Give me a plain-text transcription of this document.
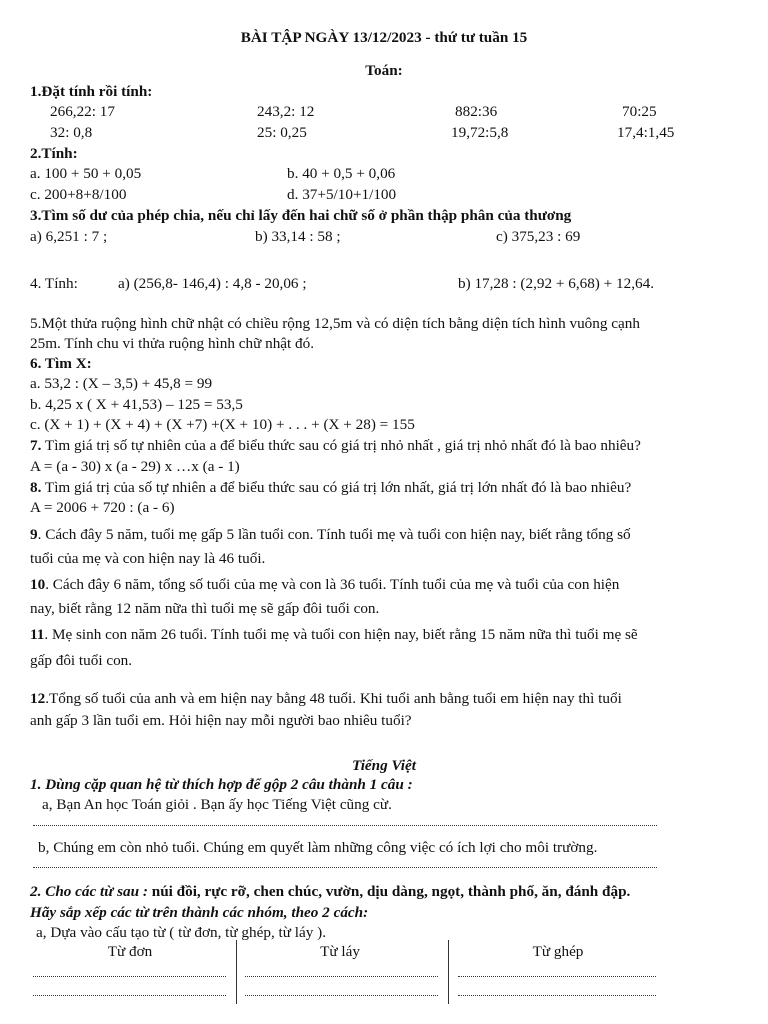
BÀI TẬP NGÀY 13/12/2023 - thứ tư tuần 15
Toán:
1.Đặt tính rồi tính:
266,22: 17	243,2: 12	882:36	70:25
32: 0,8	25: 0,25	19,72:5,8	17,4:1,45
2.Tính:
a. 100 + 50 + 0,05	b. 40 + 0,5 + 0,06
c. 200+8+8/100	d. 37+5/10+1/100
3.Tìm số dư của phép chia, nếu chỉ lấy đến hai chữ số ở phần thập phân của thương
a) 6,251 : 7 ;	b) 33,14 : 58 ;	c) 375,23 : 69
4. Tính:	a) (256,8- 146,4) : 4,8 - 20,06 ;	b) 17,28 : (2,92 + 6,68) + 12,64.
5.Một thửa ruộng hình chữ nhật có chiều rộng 12,5m và có diện tích bằng diện tích hình vuông cạnh
25m. Tính chu vi thửa ruộng hình chữ nhật đó.
6. Tìm X:
a. 53,2 : (X – 3,5) + 45,8 = 99
b. 4,25 x ( X + 41,53) – 125 = 53,5
c. (X + 1) + (X + 4) + (X +7) +(X + 10) + . . . + (X + 28) = 155
7. Tìm giá trị số tự nhiên của a để biểu thức sau có giá trị nhỏ nhất , giá trị nhỏ nhất đó là bao nhiêu?
A = (a - 30) x (a - 29) x …x (a - 1)
8. Tìm giá trị của số tự nhiên a để biểu thức sau có giá trị lớn nhất, giá trị lớn nhất đó là bao nhiêu?
A = 2006 + 720 : (a - 6)
9. Cách đây 5 năm, tuổi mẹ gấp 5 lần tuổi con. Tính tuổi mẹ và tuổi con hiện nay, biết rằng tổng số
tuổi của mẹ và con hiện nay là 46 tuổi.
10. Cách đây 6 năm, tổng số tuổi của mẹ và con là 36 tuổi. Tính tuổi của mẹ và tuổi của con hiện
nay, biết rằng 12 năm nữa thì tuổi mẹ sẽ gấp đôi tuổi con.
11. Mẹ sinh con năm 26 tuổi. Tính tuổi mẹ và tuổi con hiện nay, biết rằng 15 năm nữa thì tuổi mẹ sẽ
gấp đôi tuổi con.
12.Tổng số tuổi của anh và em hiện nay bằng 48 tuổi. Khi tuổi anh bằng tuổi em hiện nay thì tuổi
anh gấp 3 lần tuổi em. Hỏi hiện nay mỗi người bao nhiêu tuổi?
Tiếng Việt
1. Dùng cặp quan hệ từ thích hợp để gộp 2 câu thành 1 câu :
a, Bạn An học Toán giỏi . Bạn ấy học Tiếng Việt cũng cừ.
b, Chúng em còn nhỏ tuổi. Chúng em quyết làm những công việc có ích lợi cho môi trường.
2. Cho các từ sau : núi đồi, rực rỡ, chen chúc, vườn, dịu dàng, ngọt, thành phố, ăn, đánh đập.
Hãy sắp xếp các từ trên thành các nhóm, theo 2 cách:
a, Dựa vào cấu tạo từ ( từ đơn, từ ghép, từ láy ).
Từ đơn	Từ láy	Từ ghép
